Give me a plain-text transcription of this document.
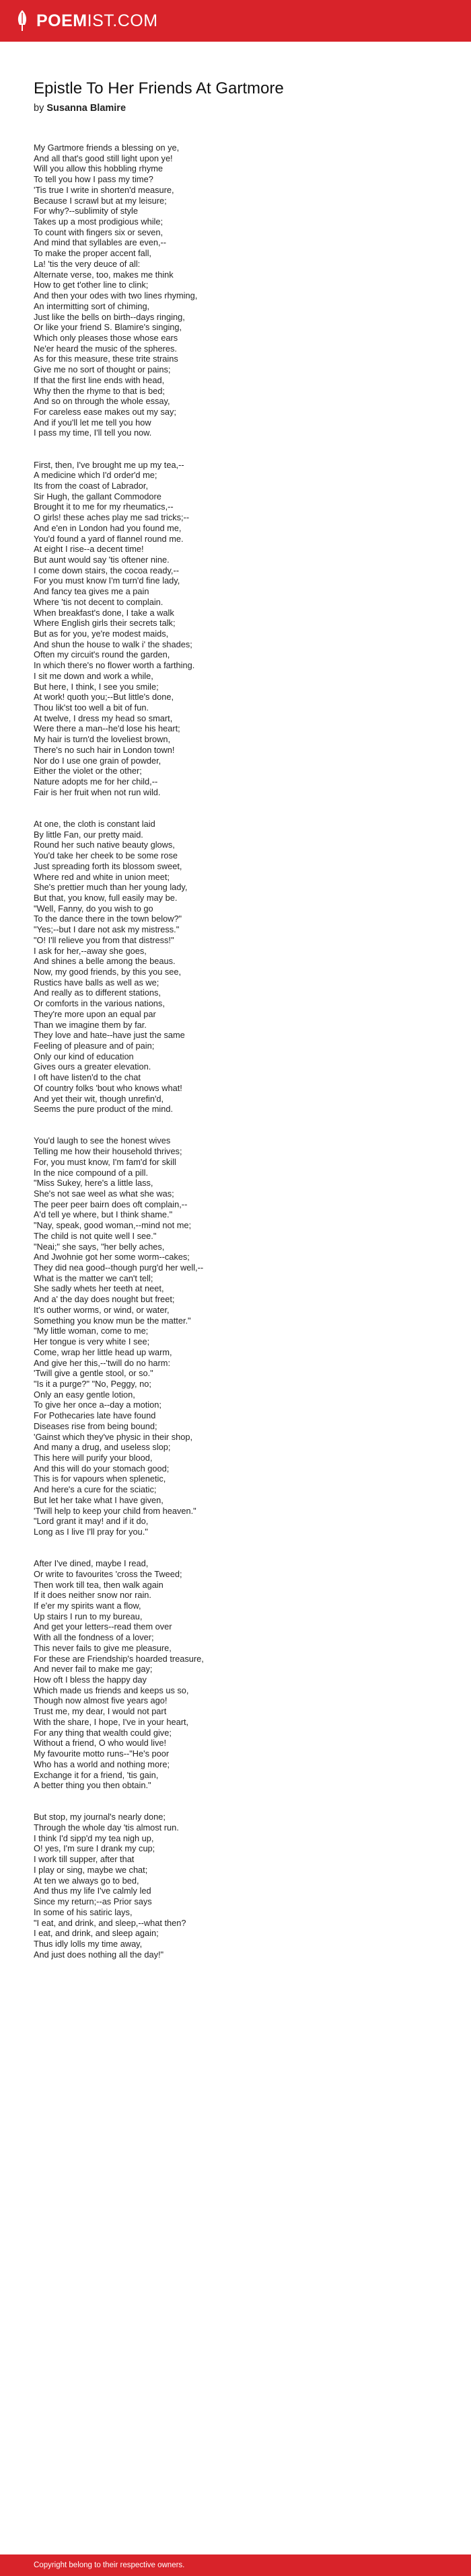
POEMIST.COM
Epistle To Her Friends At Gartmore
by Susanna Blamire
My Gartmore friends a blessing on ye,
And all that's good still light upon ye!
Will you allow this hobbling rhyme
To tell you how I pass my time?
'Tis true I write in shorten'd measure,
Because I scrawl but at my leisure;
For why?--sublimity of style
Takes up a most prodigious while;
To count with fingers six or seven,
And mind that syllables are even,--
To make the proper accent fall,
La! 'tis the very deuce of all:
Alternate verse, too, makes me think
How to get t'other line to clink;
And then your odes with two lines rhyming,
An intermitting sort of chiming,
Just like the bells on birth--days ringing,
Or like your friend S. Blamire's singing,
Which only pleases those whose ears
Ne'er heard the music of the spheres.
As for this measure, these trite strains
Give me no sort of thought or pains;
If that the first line ends with head,
Why then the rhyme to that is bed;
And so on through the whole essay,
For careless ease makes out my say;
And if you'll let me tell you how
I pass my time, I'll tell you now.
First, then, I've brought me up my tea,--
A medicine which I'd order'd me;
Its from the coast of Labrador,
Sir Hugh, the gallant Commodore
Brought it to me for my rheumatics,--
O girls! these aches play me sad tricks;--
And e'en in London had you found me,
You'd found a yard of flannel round me.
At eight I rise--a decent time!
But aunt would say 'tis oftener nine.
I come down stairs, the cocoa ready,--
For you must know I'm turn'd fine lady,
And fancy tea gives me a pain
Where 'tis not decent to complain.
When breakfast's done, I take a walk
Where English girls their secrets talk;
But as for you, ye're modest maids,
And shun the house to walk i' the shades;
Often my circuit's round the garden,
In which there's no flower worth a farthing.
I sit me down and work a while,
But here, I think, I see you smile;
At work! quoth you;--But little's done,
Thou lik'st too well a bit of fun.
At twelve, I dress my head so smart,
Were there a man--he'd lose his heart;
My hair is turn'd the loveliest brown,
There's no such hair in London town!
Nor do I use one grain of powder,
Either the violet or the other;
Nature adopts me for her child,--
Fair is her fruit when not run wild.
At one, the cloth is constant laid
By little Fan, our pretty maid.
Round her such native beauty glows,
You'd take her cheek to be some rose
Just spreading forth its blossom sweet,
Where red and white in union meet;
She's prettier much than her young lady,
But that, you know, full easily may be.
"Well, Fanny, do you wish to go
To the dance there in the town below?"
"Yes;--but I dare not ask my mistress."
"O! I'll relieve you from that distress!"
I ask for her,--away she goes,
And shines a belle among the beaus.
Now, my good friends, by this you see,
Rustics have balls as well as we;
And really as to different stations,
Or comforts in the various nations,
They're more upon an equal par
Than we imagine them by far.
They love and hate--have just the same
Feeling of pleasure and of pain;
Only our kind of education
Gives ours a greater elevation.
I oft have listen'd to the chat
Of country folks 'bout who knows what!
And yet their wit, though unrefin'd,
Seems the pure product of the mind.
You'd laugh to see the honest wives
Telling me how their household thrives;
For, you must know, I'm fam'd for skill
In the nice compound of a pill.
"Miss Sukey, here's a little lass,
She's not sae weel as what she was;
The peer peer bairn does oft complain,--
A'd tell ye where, but I think shame."
"Nay, speak, good woman,--mind not me;
The child is not quite well I see."
"Neai;" she says, "her belly aches,
And Jwohnie got her some worm--cakes;
They did nea good--though purg'd her well,--
What is the matter we can't tell;
She sadly whets her teeth at neet,
And a' the day does nought but freet;
It's outher worms, or wind, or water,
Something you know mun be the matter."
"My little woman, come to me;
Her tongue is very white I see;
Come, wrap her little head up warm,
And give her this,--'twill do no harm:
'Twill give a gentle stool, or so."
"Is it a purge?" "No, Peggy, no;
Only an easy gentle lotion,
To give her once a--day a motion;
For Pothecaries late have found
Diseases rise from being bound;
'Gainst which they've physic in their shop,
And many a drug, and useless slop;
This here will purify your blood,
And this will do your stomach good;
This is for vapours when splenetic,
And here's a cure for the sciatic;
But let her take what I have given,
'Twill help to keep your child from heaven."
"Lord grant it may! and if it do,
Long as I live I'll pray for you."
After I've dined, maybe I read,
Or write to favourites 'cross the Tweed;
Then work till tea, then walk again
If it does neither snow nor rain.
If e'er my spirits want a flow,
Up stairs I run to my bureau,
And get your letters--read them over
With all the fondness of a lover;
This never fails to give me pleasure,
For these are Friendship's hoarded treasure,
And never fail to make me gay;
How oft I bless the happy day
Which made us friends and keeps us so,
Though now almost five years ago!
Trust me, my dear, I would not part
With the share, I hope, I've in your heart,
For any thing that wealth could give;
Without a friend, O who would live!
My favourite motto runs--"He's poor
Who has a world and nothing more;
Exchange it for a friend, 'tis gain,
A better thing you then obtain."
But stop, my journal's nearly done;
Through the whole day 'tis almost run.
I think I'd sipp'd my tea nigh up,
O! yes, I'm sure I drank my cup;
I work till supper, after that
I play or sing, maybe we chat;
At ten we always go to bed,
And thus my life I've calmly led
Since my return;--as Prior says
In some of his satiric lays,
"I eat, and drink, and sleep,--what then?
I eat, and drink, and sleep again;
Thus idly lolls my time away,
And just does nothing all the day!"
Copyright belong to their respective owners.
